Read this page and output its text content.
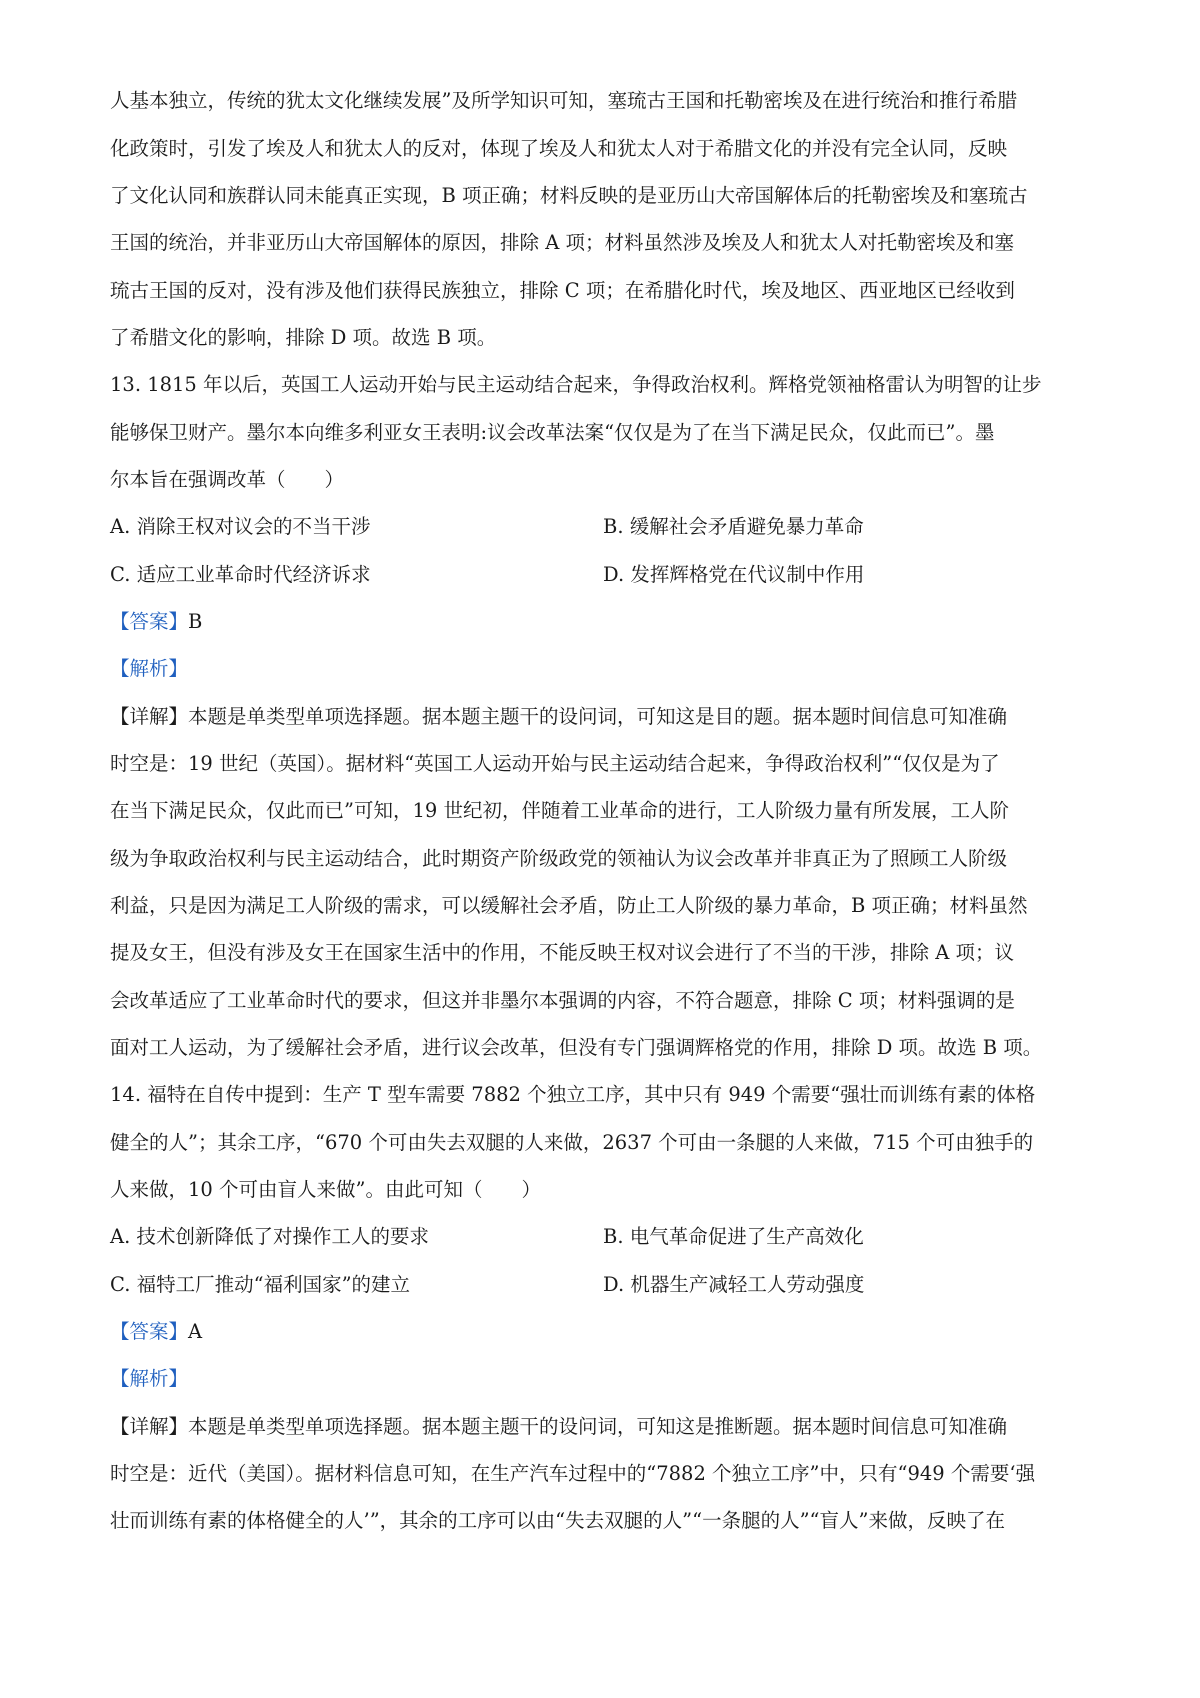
人基本独立，传统的犹太文化继续发展”及所学知识可知，塞琉古王国和托勒密埃及在进行统治和推行希腊
化政策时，引发了埃及人和犹太人的反对，体现了埃及人和犹太人对于希腊文化的并没有完全认同，反映
了文化认同和族群认同未能真正实现，B 项正确；材料反映的是亚历山大帝国解体后的托勒密埃及和塞琉古
王国的统治，并非亚历山大帝国解体的原因，排除 A 项；材料虽然涉及埃及人和犹太人对托勒密埃及和塞
琉古王国的反对，没有涉及他们获得民族独立，排除 C 项；在希腊化时代，埃及地区、西亚地区已经收到
了希腊文化的影响，排除 D 项。故选 B 项。
13. 1815 年以后，英国工人运动开始与民主运动结合起来，争得政治权利。辉格党领袖格雷认为明智的让步
能够保卫财产。墨尔本向维多利亚女王表明:议会改革法案“仅仅是为了在当下满足民众，仅此而已”。墨
尔本旨在强调改革（　　）
A. 消除王权对议会的不当干涉	B. 缓解社会矛盾避免暴力革命
C. 适应工业革命时代经济诉求	D. 发挥辉格党在代议制中作用
【答案】B
【解析】
【详解】本题是单类型单项选择题。据本题主题干的设问词，可知这是目的题。据本题时间信息可知准确
时空是：19 世纪（英国）。据材料“英国工人运动开始与民主运动结合起来，争得政治权利”“仅仅是为了
在当下满足民众，仅此而已”可知，19 世纪初，伴随着工业革命的进行，工人阶级力量有所发展，工人阶
级为争取政治权利与民主运动结合，此时期资产阶级政党的领袖认为议会改革并非真正为了照顾工人阶级
利益，只是因为满足工人阶级的需求，可以缓解社会矛盾，防止工人阶级的暴力革命，B 项正确；材料虽然
提及女王，但没有涉及女王在国家生活中的作用，不能反映王权对议会进行了不当的干涉，排除 A 项；议
会改革适应了工业革命时代的要求，但这并非墨尔本强调的内容，不符合题意，排除 C 项；材料强调的是
面对工人运动，为了缓解社会矛盾，进行议会改革，但没有专门强调辉格党的作用，排除 D 项。故选 B 项。
14. 福特在自传中提到：生产 T 型车需要 7882 个独立工序，其中只有 949 个需要“强壮而训练有素的体格
健全的人”；其余工序，“670 个可由失去双腿的人来做，2637 个可由一条腿的人来做，715 个可由独手的
人来做，10 个可由盲人来做”。由此可知（　　）
A. 技术创新降低了对操作工人的要求	B. 电气革命促进了生产高效化
C. 福特工厂推动“福利国家”的建立	D. 机器生产减轻工人劳动强度
【答案】A
【解析】
【详解】本题是单类型单项选择题。据本题主题干的设问词，可知这是推断题。据本题时间信息可知准确
时空是：近代（美国）。据材料信息可知，在生产汽车过程中的“7882 个独立工序”中，只有“949 个需要‘强
壮而训练有素的体格健全的人’”，其余的工序可以由“失去双腿的人”“一条腿的人”“盲人”来做，反映了在
